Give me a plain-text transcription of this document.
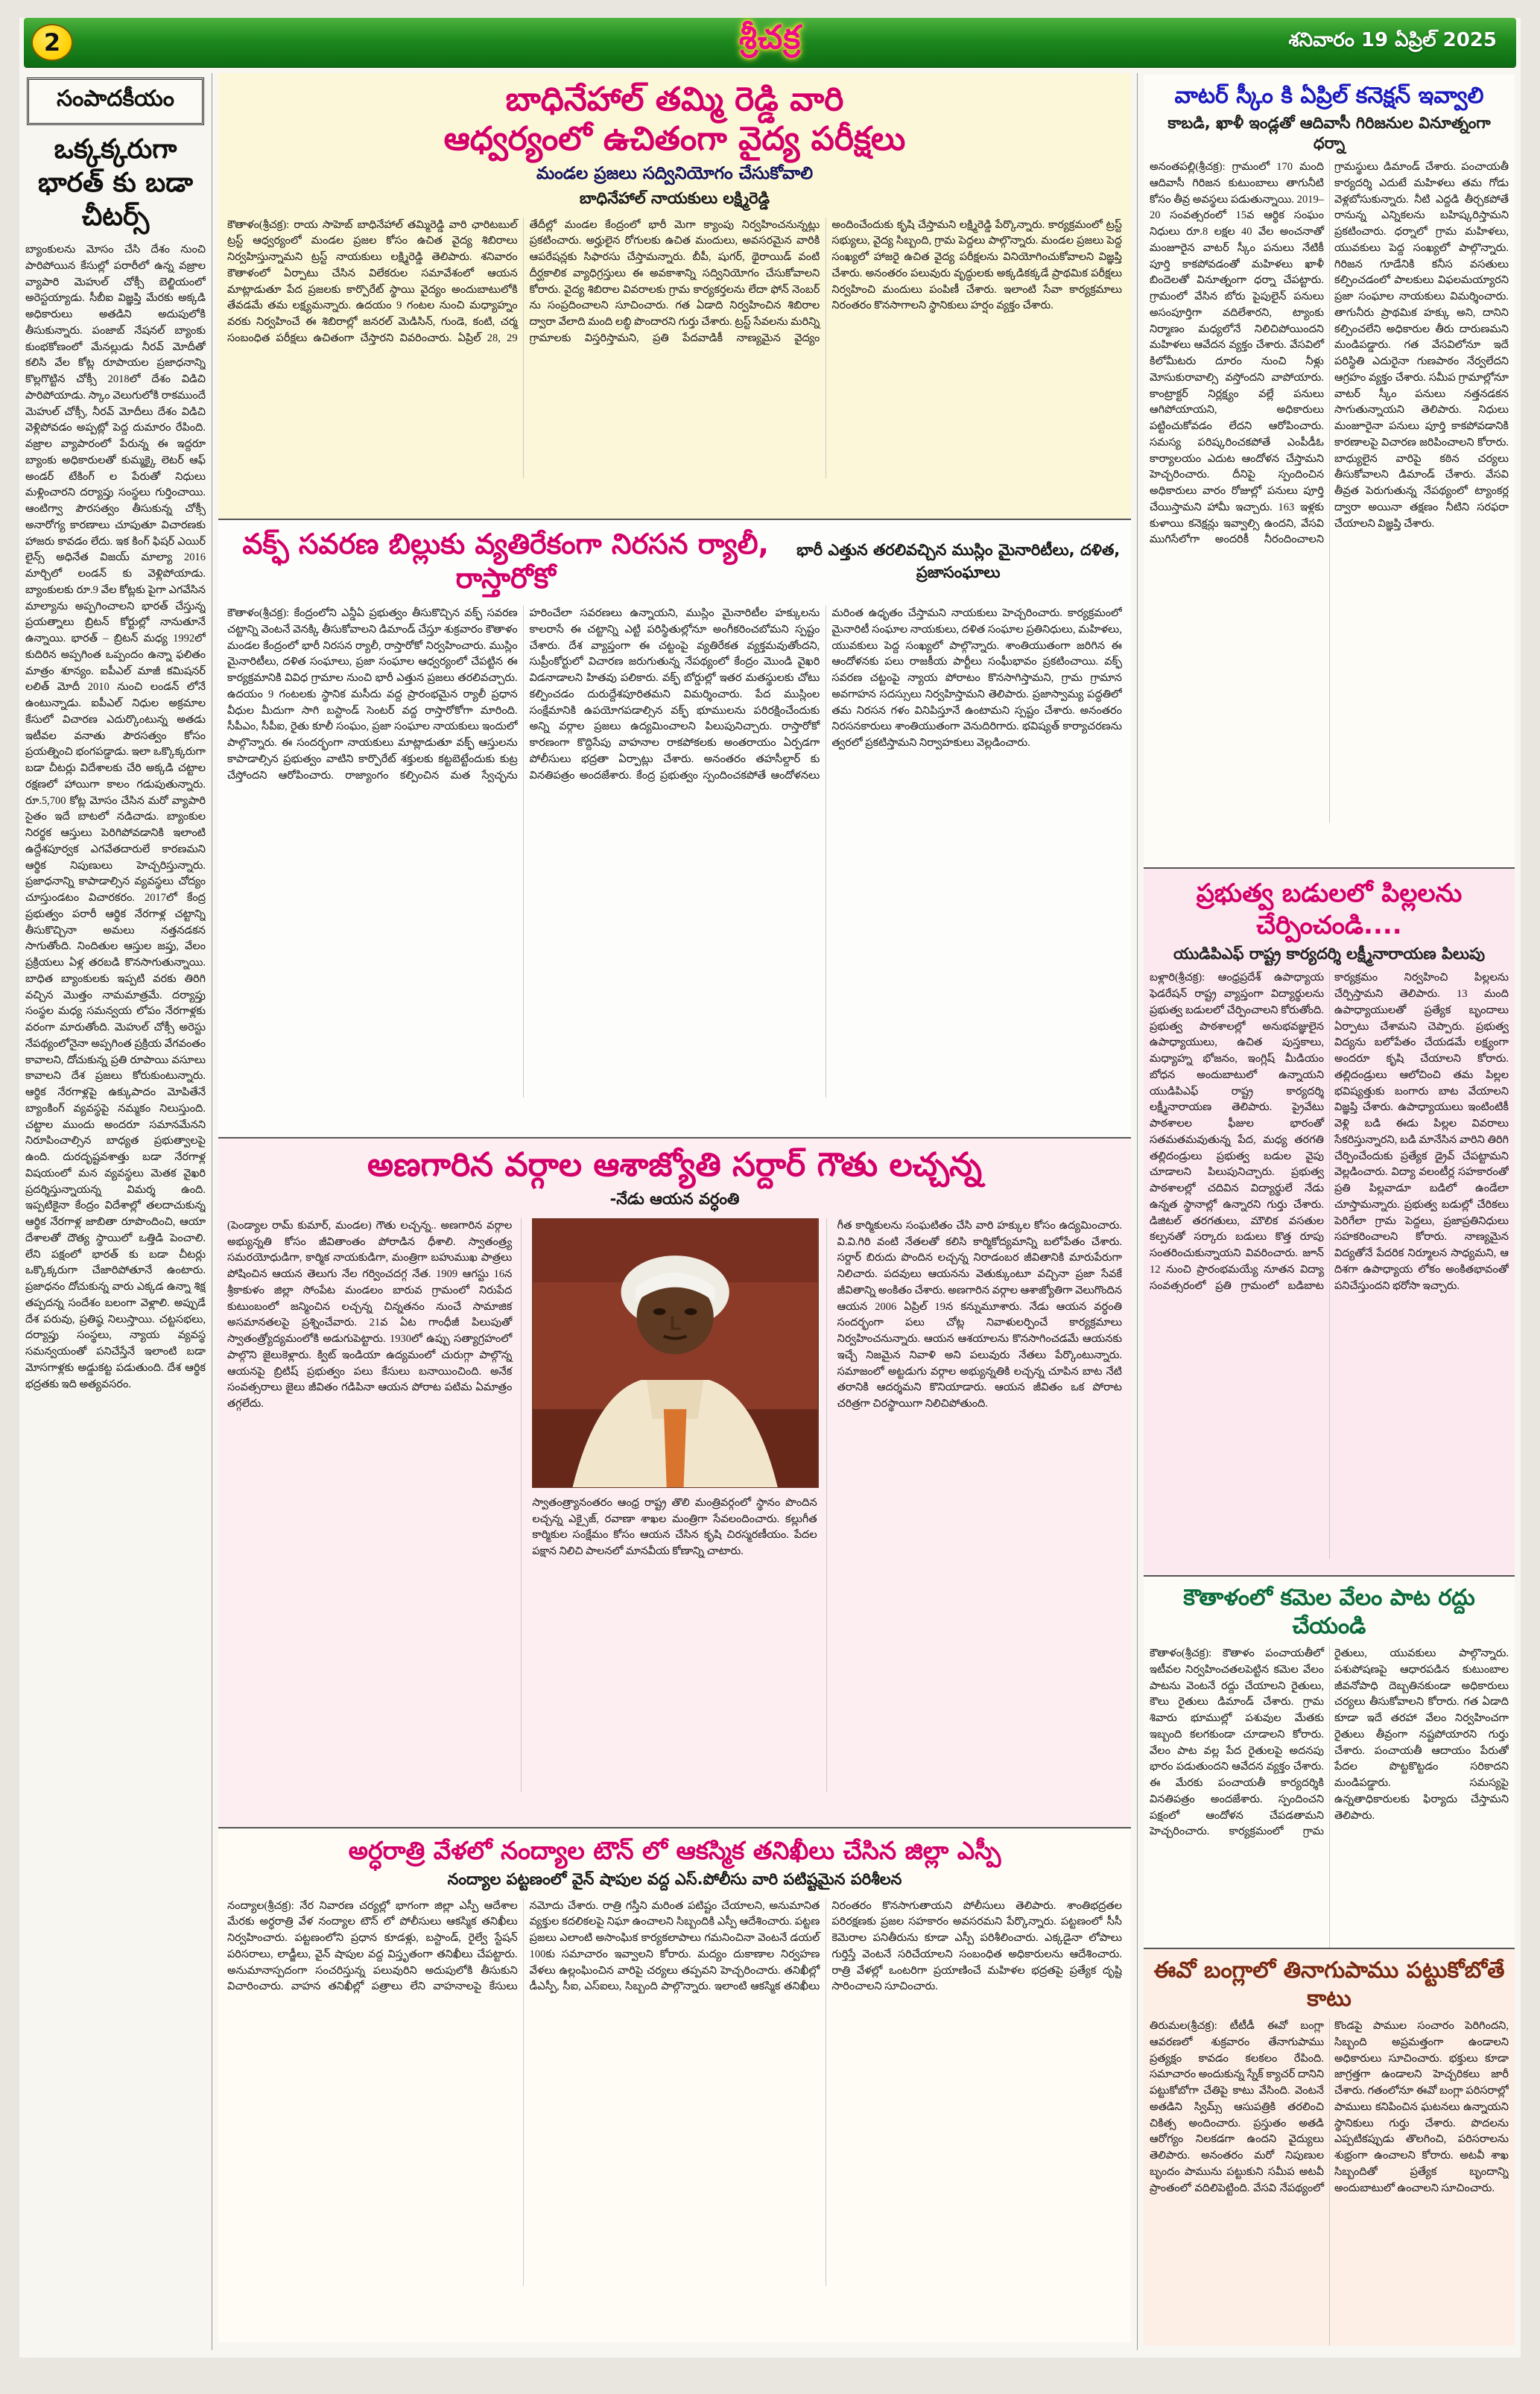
2	శ్రీచక్ర	శనివారం 19 ఏప్రిల్ 2025
సంపాదకీయం
ఒక్కక్కరుగా భారత్ కు బడా చీటర్స్
బ్యాంకులను మోసం చేసి దేశం నుంచి పారిపోయిన కేసుల్లో పరారీలో ఉన్న వజ్రాల వ్యాపారి మెహుల్ చోక్సీ బెల్జియంలో అరెస్టయ్యాడు. సీబీఐ విజ్ఞప్తి మేరకు అక్కడి అధికారులు అతడిని అదుపులోకి తీసుకున్నారు. పంజాబ్ నేషనల్ బ్యాంకు కుంభకోణంలో మేనల్లుడు నీరవ్ మోదీతో కలిసి వేల కోట్ల రూపాయల ప్రజాధనాన్ని కొల్లగొట్టిన చోక్సీ 2018లో దేశం విడిచి పారిపోయాడు. స్కాం వెలుగులోకి రాకముందే మెహుల్ చోక్సీ, నీరవ్ మోదీలు దేశం విడిచి వెళ్లిపోవడం అప్పట్లో పెద్ద దుమారం రేపింది. వజ్రాల వ్యాపారంలో పేరున్న ఈ ఇద్దరూ బ్యాంకు అధికారులతో కుమ్మక్కై లెటర్ ఆఫ్ అండర్ టేకింగ్ ల పేరుతో నిధులు మళ్లించారని దర్యాప్తు సంస్థలు గుర్తించాయి. ఆంటిగ్వా పౌరసత్వం తీసుకున్న చోక్సీ అనారోగ్య కారణాలు చూపుతూ విచారణకు హాజరు కావడం లేదు. ఇక కింగ్ ఫిషర్ ఎయిర్ లైన్స్ అధినేత విజయ్ మాల్యా 2016 మార్చిలో లండన్ కు వెళ్లిపోయాడు. బ్యాంకులకు రూ.9 వేల కోట్లకు పైగా ఎగవేసిన మాల్యాను అప్పగించాలని భారత్ చేస్తున్న ప్రయత్నాలు బ్రిటన్ కోర్టుల్లో నానుతూనే ఉన్నాయి. భారత్ – బ్రిటన్ మధ్య 1992లో కుదిరిన అప్పగింత ఒప్పందం ఉన్నా ఫలితం మాత్రం శూన్యం. ఐపీఎల్ మాజీ కమిషనర్ లలిత్ మోదీ 2010 నుంచి లండన్ లోనే ఉంటున్నాడు. ఐపీఎల్ నిధుల అక్రమాల కేసులో విచారణ ఎదుర్కొంటున్న అతడు ఇటీవల వనాతు పౌరసత్వం కోసం ప్రయత్నించి భంగపడ్డాడు. ఇలా ఒక్కొక్కరుగా బడా చీటర్లు విదేశాలకు చేరి అక్కడి చట్టాల రక్షణలో హాయిగా కాలం గడుపుతున్నారు. రూ.5,700 కోట్ల మోసం చేసిన మరో వ్యాపారి సైతం ఇదే బాటలో నడిచాడు. బ్యాంకుల నిరర్థక ఆస్తులు పెరిగిపోవడానికి ఇలాంటి ఉద్దేశపూర్వక ఎగవేతదారులే కారణమని ఆర్థిక నిపుణులు హెచ్చరిస్తున్నారు. ప్రజాధనాన్ని కాపాడాల్సిన వ్యవస్థలు చోద్యం చూస్తుండటం విచారకరం. 2017లో కేంద్ర ప్రభుత్వం పరారీ ఆర్థిక నేరగాళ్ల చట్టాన్ని తీసుకొచ్చినా అమలు నత్తనడకన సాగుతోంది. నిందితుల ఆస్తుల జప్తు, వేలం ప్రక్రియలు ఏళ్ల తరబడి కొనసాగుతున్నాయి. బాధిత బ్యాంకులకు ఇప్పటి వరకు తిరిగి వచ్చిన మొత్తం నామమాత్రమే. దర్యాప్తు సంస్థల మధ్య సమన్వయ లోపం నేరగాళ్లకు వరంగా మారుతోంది. మెహుల్ చోక్సీ అరెస్టు నేపథ్యంలోనైనా అప్పగింత ప్రక్రియ వేగవంతం కావాలని, దోచుకున్న ప్రతి రూపాయి వసూలు కావాలని దేశ ప్రజలు కోరుకుంటున్నారు. ఆర్థిక నేరగాళ్లపై ఉక్కుపాదం మోపితేనే బ్యాంకింగ్ వ్యవస్థపై నమ్మకం నిలుస్తుంది. చట్టాల ముందు అందరూ సమానమేనని నిరూపించాల్సిన బాధ్యత ప్రభుత్వాలపై ఉంది. దురదృష్టవశాత్తు బడా నేరగాళ్ల విషయంలో మన వ్యవస్థలు మెతక వైఖరి ప్రదర్శిస్తున్నాయన్న విమర్శ ఉంది. ఇప్పటికైనా కేంద్రం విదేశాల్లో తలదాచుకున్న ఆర్థిక నేరగాళ్ల జాబితా రూపొందించి, ఆయా దేశాలతో దౌత్య స్థాయిలో ఒత్తిడి పెంచాలి. లేని పక్షంలో భారత్ కు బడా చీటర్లు ఒక్కొక్కరుగా చేజారిపోతూనే ఉంటారు. ప్రజాధనం దోచుకున్న వారు ఎక్కడ ఉన్నా శిక్ష తప్పదన్న సందేశం బలంగా వెళ్లాలి. అప్పుడే దేశ పరువు, ప్రతిష్ఠ నిలుస్తాయి. చట్టసభలు, దర్యాప్తు సంస్థలు, న్యాయ వ్యవస్థ సమన్వయంతో పనిచేస్తేనే ఇలాంటి బడా మోసగాళ్లకు అడ్డుకట్ట పడుతుంది. దేశ ఆర్థిక భద్రతకు ఇది అత్యవసరం.
బాధినేహాల్ తమ్మి రెడ్డి వారి
ఆధ్వర్యంలో ఉచితంగా వైద్య పరీక్షలు
మండల ప్రజలు సద్వినియోగం చేసుకోవాలి
బాధినేహాల్ నాయకులు లక్ష్మిరెడ్డి
కౌతాళం(శ్రీచక్ర): రాయ సాహెబ్ బాధినేహాల్ తమ్మిరెడ్డి వారి ఛారిటబుల్ ట్రస్ట్ ఆధ్వర్యంలో మండల ప్రజల కోసం ఉచిత వైద్య శిబిరాలు నిర్వహిస్తున్నామని ట్రస్ట్ నాయకులు లక్ష్మిరెడ్డి తెలిపారు. శనివారం కౌతాళంలో ఏర్పాటు చేసిన విలేకరుల సమావేశంలో ఆయన మాట్లాడుతూ పేద ప్రజలకు కార్పొరేట్ స్థాయి వైద్యం అందుబాటులోకి తేవడమే తమ లక్ష్యమన్నారు. ఉదయం 9 గంటల నుంచి మధ్యాహ్నం వరకు నిర్వహించే ఈ శిబిరాల్లో జనరల్ మెడిసిన్, గుండె, కంటి, చర్మ సంబంధిత పరీక్షలు ఉచితంగా చేస్తారని వివరించారు. ఏప్రిల్ 28, 29 తేదీల్లో మండల కేంద్రంలో భారీ మెగా క్యాంపు నిర్వహించనున్నట్లు ప్రకటించారు. అర్హులైన రోగులకు ఉచిత మందులు, అవసరమైన వారికి ఆపరేషన్లకు సిఫారసు చేస్తామన్నారు. బీపీ, షుగర్, థైరాయిడ్ వంటి దీర్ఘకాలిక వ్యాధిగ్రస్తులు ఈ అవకాశాన్ని సద్వినియోగం చేసుకోవాలని కోరారు. వైద్య శిబిరాల వివరాలకు గ్రామ కార్యకర్తలను లేదా ఫోన్ నెంబర్ ను సంప్రదించాలని సూచించారు. గత ఏడాది నిర్వహించిన శిబిరాల ద్వారా వేలాది మంది లబ్ధి పొందారని గుర్తు చేశారు. ట్రస్ట్ సేవలను మరిన్ని గ్రామాలకు విస్తరిస్తామని, ప్రతి పేదవాడికీ నాణ్యమైన వైద్యం అందించేందుకు కృషి చేస్తామని లక్ష్మిరెడ్డి పేర్కొన్నారు. కార్యక్రమంలో ట్రస్ట్ సభ్యులు, వైద్య సిబ్బంది, గ్రామ పెద్దలు పాల్గొన్నారు. మండల ప్రజలు పెద్ద సంఖ్యలో హాజరై ఉచిత వైద్య పరీక్షలను వినియోగించుకోవాలని విజ్ఞప్తి చేశారు. అనంతరం పలువురు వృద్ధులకు అక్కడికక్కడే ప్రాథమిక పరీక్షలు నిర్వహించి మందులు పంపిణీ చేశారు. ఇలాంటి సేవా కార్యక్రమాలు నిరంతరం కొనసాగాలని స్థానికులు హర్షం వ్యక్తం చేశారు.
వక్ఫ్ సవరణ బిల్లుకు వ్యతిరేకంగా నిరసన ర్యాలీ, రాస్తారోకో
భారీ ఎత్తున తరలివచ్చిన ముస్లిం మైనారిటీలు, దళిత, ప్రజాసంఘాలు
కౌతాళం(శ్రీచక్ర): కేంద్రంలోని ఎన్డీఏ ప్రభుత్వం తీసుకొచ్చిన వక్ఫ్ సవరణ చట్టాన్ని వెంటనే వెనక్కి తీసుకోవాలని డిమాండ్ చేస్తూ శుక్రవారం కౌతాళం మండల కేంద్రంలో భారీ నిరసన ర్యాలీ, రాస్తారోకో నిర్వహించారు. ముస్లిం మైనారిటీలు, దళిత సంఘాలు, ప్రజా సంఘాల ఆధ్వర్యంలో చేపట్టిన ఈ కార్యక్రమానికి వివిధ గ్రామాల నుంచి భారీ ఎత్తున ప్రజలు తరలివచ్చారు. ఉదయం 9 గంటలకు స్థానిక మసీదు వద్ద ప్రారంభమైన ర్యాలీ ప్రధాన వీధుల మీదుగా సాగి బస్టాండ్ సెంటర్ వద్ద రాస్తారోకోగా మారింది. సీపీఎం, సీపీఐ, రైతు కూలీ సంఘం, ప్రజా సంఘాల నాయకులు ఇందులో పాల్గొన్నారు. ఈ సందర్భంగా నాయకులు మాట్లాడుతూ వక్ఫ్ ఆస్తులను కాపాడాల్సిన ప్రభుత్వం వాటిని కార్పొరేట్ శక్తులకు కట్టబెట్టేందుకు కుట్ర చేస్తోందని ఆరోపించారు. రాజ్యాంగం కల్పించిన మత స్వేచ్ఛను హరించేలా సవరణలు ఉన్నాయని, ముస్లిం మైనారిటీల హక్కులను కాలరాసే ఈ చట్టాన్ని ఎట్టి పరిస్థితుల్లోనూ అంగీకరించబోమని స్పష్టం చేశారు. దేశ వ్యాప్తంగా ఈ చట్టంపై వ్యతిరేకత వ్యక్తమవుతోందని, సుప్రీంకోర్టులో విచారణ జరుగుతున్న నేపథ్యంలో కేంద్రం మొండి వైఖరి విడనాడాలని హితవు పలికారు. వక్ఫ్ బోర్డుల్లో ఇతర మతస్థులకు చోటు కల్పించడం దురుద్దేశపూరితమని విమర్శించారు. పేద ముస్లింల సంక్షేమానికి ఉపయోగపడాల్సిన వక్ఫ్ భూములను పరిరక్షించేందుకు అన్ని వర్గాల ప్రజలు ఉద్యమించాలని పిలుపునిచ్చారు. రాస్తారోకో కారణంగా కొద్దిసేపు వాహనాల రాకపోకలకు అంతరాయం ఏర్పడగా పోలీసులు భద్రతా ఏర్పాట్లు చేశారు. అనంతరం తహసీల్దార్ కు వినతిపత్రం అందజేశారు. కేంద్ర ప్రభుత్వం స్పందించకపోతే ఆందోళనలు మరింత ఉధృతం చేస్తామని నాయకులు హెచ్చరించారు. కార్యక్రమంలో మైనారిటీ సంఘాల నాయకులు, దళిత సంఘాల ప్రతినిధులు, మహిళలు, యువకులు పెద్ద సంఖ్యలో పాల్గొన్నారు. శాంతియుతంగా జరిగిన ఈ ఆందోళనకు పలు రాజకీయ పార్టీలు సంఘీభావం ప్రకటించాయి. వక్ఫ్ సవరణ చట్టంపై న్యాయ పోరాటం కొనసాగిస్తామని, గ్రామ గ్రామాన అవగాహన సదస్సులు నిర్వహిస్తామని తెలిపారు. ప్రజాస్వామ్య పద్ధతిలో తమ నిరసన గళం వినిపిస్తూనే ఉంటామని స్పష్టం చేశారు. అనంతరం నిరసనకారులు శాంతియుతంగా వెనుదిరిగారు. భవిష్యత్ కార్యాచరణను త్వరలో ప్రకటిస్తామని నిర్వాహకులు వెల్లడించారు.
అణగారిన వర్గాల ఆశాజ్యోతి సర్దార్ గౌతు లచ్చన్న
-నేడు ఆయన వర్ధంతి
(పెండ్యాల రామ్ కుమార్, మండల) గౌతు లచ్చన్న.. అణగారిన వర్గాల అభ్యున్నతి కోసం జీవితాంతం పోరాడిన ధీశాలి. స్వాతంత్ర్య సమరయోధుడిగా, కార్మిక నాయకుడిగా, మంత్రిగా బహుముఖ పాత్రలు పోషించిన ఆయన తెలుగు నేల గర్వించదగ్గ నేత. 1909 ఆగస్టు 16న శ్రీకాకుళం జిల్లా సోంపేట మండలం బారువ గ్రామంలో నిరుపేద కుటుంబంలో జన్మించిన లచ్చన్న చిన్నతనం నుంచే సామాజిక అసమానతలపై ప్రశ్నించేవారు. 21వ ఏట గాంధీజీ పిలుపుతో స్వాతంత్ర్యోద్యమంలోకి అడుగుపెట్టారు. 1930లో ఉప్పు సత్యాగ్రహంలో పాల్గొని జైలుకెళ్లారు. క్విట్ ఇండియా ఉద్యమంలో చురుగ్గా పాల్గొన్న ఆయనపై బ్రిటిష్ ప్రభుత్వం పలు కేసులు బనాయించింది. అనేక సంవత్సరాలు జైలు జీవితం గడిపినా ఆయన పోరాట పటిమ ఏమాత్రం తగ్గలేదు.
స్వాతంత్ర్యానంతరం ఆంధ్ర రాష్ట్ర తొలి మంత్రివర్గంలో స్థానం పొందిన లచ్చన్న ఎక్సైజ్, రవాణా శాఖల మంత్రిగా సేవలందించారు. కల్లుగీత కార్మికుల సంక్షేమం కోసం ఆయన చేసిన కృషి చిరస్మరణీయం. పేదల పక్షాన నిలిచి పాలనలో మానవీయ కోణాన్ని చాటారు.
గీత కార్మికులను సంఘటితం చేసి వారి హక్కుల కోసం ఉద్యమించారు. వి.వి.గిరి వంటి నేతలతో కలిసి కార్మికోద్యమాన్ని బలోపేతం చేశారు. సర్దార్ బిరుదు పొందిన లచ్చన్న నిరాడంబర జీవితానికి మారుపేరుగా నిలిచారు. పదవులు ఆయనను వెతుక్కుంటూ వచ్చినా ప్రజా సేవకే జీవితాన్ని అంకితం చేశారు. అణగారిన వర్గాల ఆశాజ్యోతిగా వెలుగొందిన ఆయన 2006 ఏప్రిల్ 19న కన్నుమూశారు. నేడు ఆయన వర్ధంతి సందర్భంగా పలు చోట్ల నివాళులర్పించే కార్యక్రమాలు నిర్వహించనున్నారు. ఆయన ఆశయాలను కొనసాగించడమే ఆయనకు ఇచ్చే నిజమైన నివాళి అని పలువురు నేతలు పేర్కొంటున్నారు. సమాజంలో అట్టడుగు వర్గాల అభ్యున్నతికి లచ్చన్న చూపిన బాట నేటి తరానికి ఆదర్శమని కొనియాడారు. ఆయన జీవితం ఒక పోరాట చరిత్రగా చిరస్థాయిగా నిలిచిపోతుంది.
అర్ధరాత్రి వేళలో నంద్యాల టౌన్ లో ఆకస్మిక తనిఖీలు చేసిన జిల్లా ఎస్పీ
నంద్యాల పట్టణంలో వైన్ షాపుల వద్ద ఎస్.పోలీసు వారి పటిష్టమైన పరిశీలన
నంద్యాల(శ్రీచక్ర): నేర నివారణ చర్యల్లో భాగంగా జిల్లా ఎస్పీ ఆదేశాల మేరకు అర్ధరాత్రి వేళ నంద్యాల టౌన్ లో పోలీసులు ఆకస్మిక తనిఖీలు నిర్వహించారు. పట్టణంలోని ప్రధాన కూడళ్లు, బస్టాండ్, రైల్వే స్టేషన్ పరిసరాలు, లాడ్జీలు, వైన్ షాపుల వద్ద విస్తృతంగా తనిఖీలు చేపట్టారు. అనుమానాస్పదంగా సంచరిస్తున్న పలువురిని అదుపులోకి తీసుకుని విచారించారు. వాహన తనిఖీల్లో పత్రాలు లేని వాహనాలపై కేసులు నమోదు చేశారు. రాత్రి గస్తీని మరింత పటిష్టం చేయాలని, అనుమానిత వ్యక్తుల కదలికలపై నిఘా ఉంచాలని సిబ్బందికి ఎస్పీ ఆదేశించారు. పట్టణ ప్రజలు ఎలాంటి అసాంఘిక కార్యకలాపాలు గమనించినా వెంటనే డయల్ 100కు సమాచారం ఇవ్వాలని కోరారు. మద్యం దుకాణాల నిర్వహణ వేళలు ఉల్లంఘించిన వారిపై చర్యలు తప్పవని హెచ్చరించారు. తనిఖీల్లో డీఎస్పీ, సీఐ, ఎస్ఐలు, సిబ్బంది పాల్గొన్నారు. ఇలాంటి ఆకస్మిక తనిఖీలు నిరంతరం కొనసాగుతాయని పోలీసులు తెలిపారు. శాంతిభద్రతల పరిరక్షణకు ప్రజల సహకారం అవసరమని పేర్కొన్నారు. పట్టణంలో సీసీ కెమెరాల పనితీరును కూడా ఎస్పీ పరిశీలించారు. ఎక్కడైనా లోపాలు గుర్తిస్తే వెంటనే సరిచేయాలని సంబంధిత అధికారులను ఆదేశించారు. రాత్రి వేళల్లో ఒంటరిగా ప్రయాణించే మహిళల భద్రతపై ప్రత్యేక దృష్టి సారించాలని సూచించారు.
వాటర్ స్కీం కి ఏప్రిల్ కనెక్షన్ ఇవ్వాలి
కాబడి, ఖాళీ ఇండ్లతో ఆదివాసీ గిరిజనుల వినూత్నంగా ధర్నా
అనంతపల్లి(శ్రీచక్ర): గ్రామంలో 170 మంది ఆదివాసీ గిరిజన కుటుంబాలు తాగునీటి కోసం తీవ్ర అవస్థలు పడుతున్నాయి. 2019–20 సంవత్సరంలో 15వ ఆర్థిక సంఘం నిధులు రూ.8 లక్షల 40 వేల అంచనాతో మంజూరైన వాటర్ స్కీం పనులు నేటికీ పూర్తి కాకపోవడంతో మహిళలు ఖాళీ బిందెలతో వినూత్నంగా ధర్నా చేపట్టారు. గ్రామంలో వేసిన బోరు పైపులైన్ పనులు అసంపూర్తిగా వదిలేశారని, ట్యాంకు నిర్మాణం మధ్యలోనే నిలిచిపోయిందని మహిళలు ఆవేదన వ్యక్తం చేశారు. వేసవిలో కిలోమీటరు దూరం నుంచి నీళ్లు మోసుకురావాల్సి వస్తోందని వాపోయారు. కాంట్రాక్టర్ నిర్లక్ష్యం వల్లే పనులు ఆగిపోయాయని, అధికారులు పట్టించుకోవడం లేదని ఆరోపించారు. సమస్య పరిష్కరించకపోతే ఎంపీడీఓ కార్యాలయం ఎదుట ఆందోళన చేస్తామని హెచ్చరించారు. దీనిపై స్పందించిన అధికారులు వారం రోజుల్లో పనులు పూర్తి చేయిస్తామని హామీ ఇచ్చారు. 163 ఇళ్లకు కుళాయి కనెక్షన్లు ఇవ్వాల్సి ఉందని, వేసవి ముగిసేలోగా అందరికీ నీరందించాలని గ్రామస్థులు డిమాండ్ చేశారు. పంచాయతీ కార్యదర్శి ఎదుటే మహిళలు తమ గోడు వెళ్లబోసుకున్నారు. నీటి ఎద్దడి తీర్చకపోతే రానున్న ఎన్నికలను బహిష్కరిస్తామని ప్రకటించారు. ధర్నాలో గ్రామ మహిళలు, యువకులు పెద్ద సంఖ్యలో పాల్గొన్నారు. గిరిజన గూడేనికి కనీస వసతులు కల్పించడంలో పాలకులు విఫలమయ్యారని ప్రజా సంఘాల నాయకులు విమర్శించారు. తాగునీరు ప్రాథమిక హక్కు అని, దానిని కల్పించలేని అధికారుల తీరు దారుణమని మండిపడ్డారు. గత వేసవిలోనూ ఇదే పరిస్థితి ఎదురైనా గుణపాఠం నేర్వలేదని ఆగ్రహం వ్యక్తం చేశారు. సమీప గ్రామాల్లోనూ వాటర్ స్కీం పనులు నత్తనడకన సాగుతున్నాయని తెలిపారు. నిధులు మంజూరైనా పనులు పూర్తి కాకపోవడానికి కారణాలపై విచారణ జరిపించాలని కోరారు. బాధ్యులైన వారిపై కఠిన చర్యలు తీసుకోవాలని డిమాండ్ చేశారు. వేసవి తీవ్రత పెరుగుతున్న నేపథ్యంలో ట్యాంకర్ల ద్వారా అయినా తక్షణం నీటిని సరఫరా చేయాలని విజ్ఞప్తి చేశారు.
ప్రభుత్వ బడులలో పిల్లలను చేర్పించండి....
యుడిపిఎఫ్ రాష్ట్ర కార్యదర్శి లక్ష్మీనారాయణ పిలుపు
బళ్లారి(శ్రీచక్ర): ఆంధ్రప్రదేశ్ ఉపాధ్యాయ ఫెడరేషన్ రాష్ట్ర వ్యాప్తంగా విద్యార్థులను ప్రభుత్వ బడులలో చేర్పించాలని కోరుతోంది. ప్రభుత్వ పాఠశాలల్లో అనుభవజ్ఞులైన ఉపాధ్యాయులు, ఉచిత పుస్తకాలు, మధ్యాహ్న భోజనం, ఇంగ్లిష్ మీడియం బోధన అందుబాటులో ఉన్నాయని యుడిపిఎఫ్ రాష్ట్ర కార్యదర్శి లక్ష్మీనారాయణ తెలిపారు. ప్రైవేటు పాఠశాలల ఫీజుల భారంతో సతమతమవుతున్న పేద, మధ్య తరగతి తల్లిదండ్రులు ప్రభుత్వ బడుల వైపు చూడాలని పిలుపునిచ్చారు. ప్రభుత్వ పాఠశాలల్లో చదివిన విద్యార్థులే నేడు ఉన్నత స్థానాల్లో ఉన్నారని గుర్తు చేశారు. డిజిటల్ తరగతులు, మౌలిక వసతుల కల్పనతో సర్కారు బడులు కొత్త రూపు సంతరించుకున్నాయని వివరించారు. జూన్ 12 నుంచి ప్రారంభమయ్యే నూతన విద్యా సంవత్సరంలో ప్రతి గ్రామంలో బడిబాట కార్యక్రమం నిర్వహించి పిల్లలను చేర్పిస్తామని తెలిపారు. 13 మంది ఉపాధ్యాయులతో ప్రత్యేక బృందాలు ఏర్పాటు చేశామని చెప్పారు. ప్రభుత్వ విద్యను బలోపేతం చేయడమే లక్ష్యంగా అందరూ కృషి చేయాలని కోరారు. తల్లిదండ్రులు ఆలోచించి తమ పిల్లల భవిష్యత్తుకు బంగారు బాట వేయాలని విజ్ఞప్తి చేశారు. ఉపాధ్యాయులు ఇంటింటికీ వెళ్లి బడి ఈడు పిల్లల వివరాలు సేకరిస్తున్నారని, బడి మానేసిన వారిని తిరిగి చేర్పించేందుకు ప్రత్యేక డ్రైవ్ చేపట్టామని వెల్లడించారు. విద్యా వలంటీర్ల సహకారంతో ప్రతి పిల్లవాడూ బడిలో ఉండేలా చూస్తామన్నారు. ప్రభుత్వ బడుల్లో చేరికలు పెరిగేలా గ్రామ పెద్దలు, ప్రజాప్రతినిధులు సహకరించాలని కోరారు. నాణ్యమైన విద్యతోనే పేదరిక నిర్మూలన సాధ్యమని, ఆ దిశగా ఉపాధ్యాయ లోకం అంకితభావంతో పనిచేస్తుందని భరోసా ఇచ్చారు.
కౌతాళంలో కమెల వేలం పాట రద్దు చేయండి
కౌతాళం(శ్రీచక్ర): కౌతాళం పంచాయతీలో ఇటీవల నిర్వహించతలపెట్టిన కమెల వేలం పాటను వెంటనే రద్దు చేయాలని రైతులు, కౌలు రైతులు డిమాండ్ చేశారు. గ్రామ శివారు భూముల్లో పశువుల మేతకు ఇబ్బంది కలగకుండా చూడాలని కోరారు. వేలం పాట వల్ల పేద రైతులపై అదనపు భారం పడుతుందని ఆవేదన వ్యక్తం చేశారు. ఈ మేరకు పంచాయతీ కార్యదర్శికి వినతిపత్రం అందజేశారు. స్పందించని పక్షంలో ఆందోళన చేపడతామని హెచ్చరించారు. కార్యక్రమంలో గ్రామ రైతులు, యువకులు పాల్గొన్నారు. పశుపోషణపై ఆధారపడిన కుటుంబాల జీవనోపాధి దెబ్బతినకుండా అధికారులు చర్యలు తీసుకోవాలని కోరారు. గత ఏడాది కూడా ఇదే తరహా వేలం నిర్వహించగా రైతులు తీవ్రంగా నష్టపోయారని గుర్తు చేశారు. పంచాయతీ ఆదాయం పేరుతో పేదల పొట్టకొట్టడం సరికాదని మండిపడ్డారు. సమస్యపై ఉన్నతాధికారులకు ఫిర్యాదు చేస్తామని తెలిపారు.
ఈవో బంగ్లాలో తినాగుపాము పట్టుకోబోతే కాటు
తిరుమల(శ్రీచక్ర): టీటీడీ ఈవో బంగ్లా ఆవరణలో శుక్రవారం తేనాగుపాము ప్రత్యక్షం కావడం కలకలం రేపింది. సమాచారం అందుకున్న స్నేక్ క్యాచర్ దానిని పట్టుకోబోగా చేతిపై కాటు వేసింది. వెంటనే అతడిని స్విమ్స్ ఆసుపత్రికి తరలించి చికిత్స అందించారు. ప్రస్తుతం అతడి ఆరోగ్యం నిలకడగా ఉందని వైద్యులు తెలిపారు. అనంతరం మరో నిపుణుల బృందం పామును పట్టుకుని సమీప అటవీ ప్రాంతంలో వదిలిపెట్టింది. వేసవి నేపథ్యంలో కొండపై పాముల సంచారం పెరిగిందని, సిబ్బంది అప్రమత్తంగా ఉండాలని అధికారులు సూచించారు. భక్తులు కూడా జాగ్రత్తగా ఉండాలని హెచ్చరికలు జారీ చేశారు. గతంలోనూ ఈవో బంగ్లా పరిసరాల్లో పాములు కనిపించిన ఘటనలు ఉన్నాయని స్థానికులు గుర్తు చేశారు. పొదలను ఎప్పటికప్పుడు తొలగించి, పరిసరాలను శుభ్రంగా ఉంచాలని కోరారు. అటవీ శాఖ సిబ్బందితో ప్రత్యేక బృందాన్ని అందుబాటులో ఉంచాలని సూచించారు.
